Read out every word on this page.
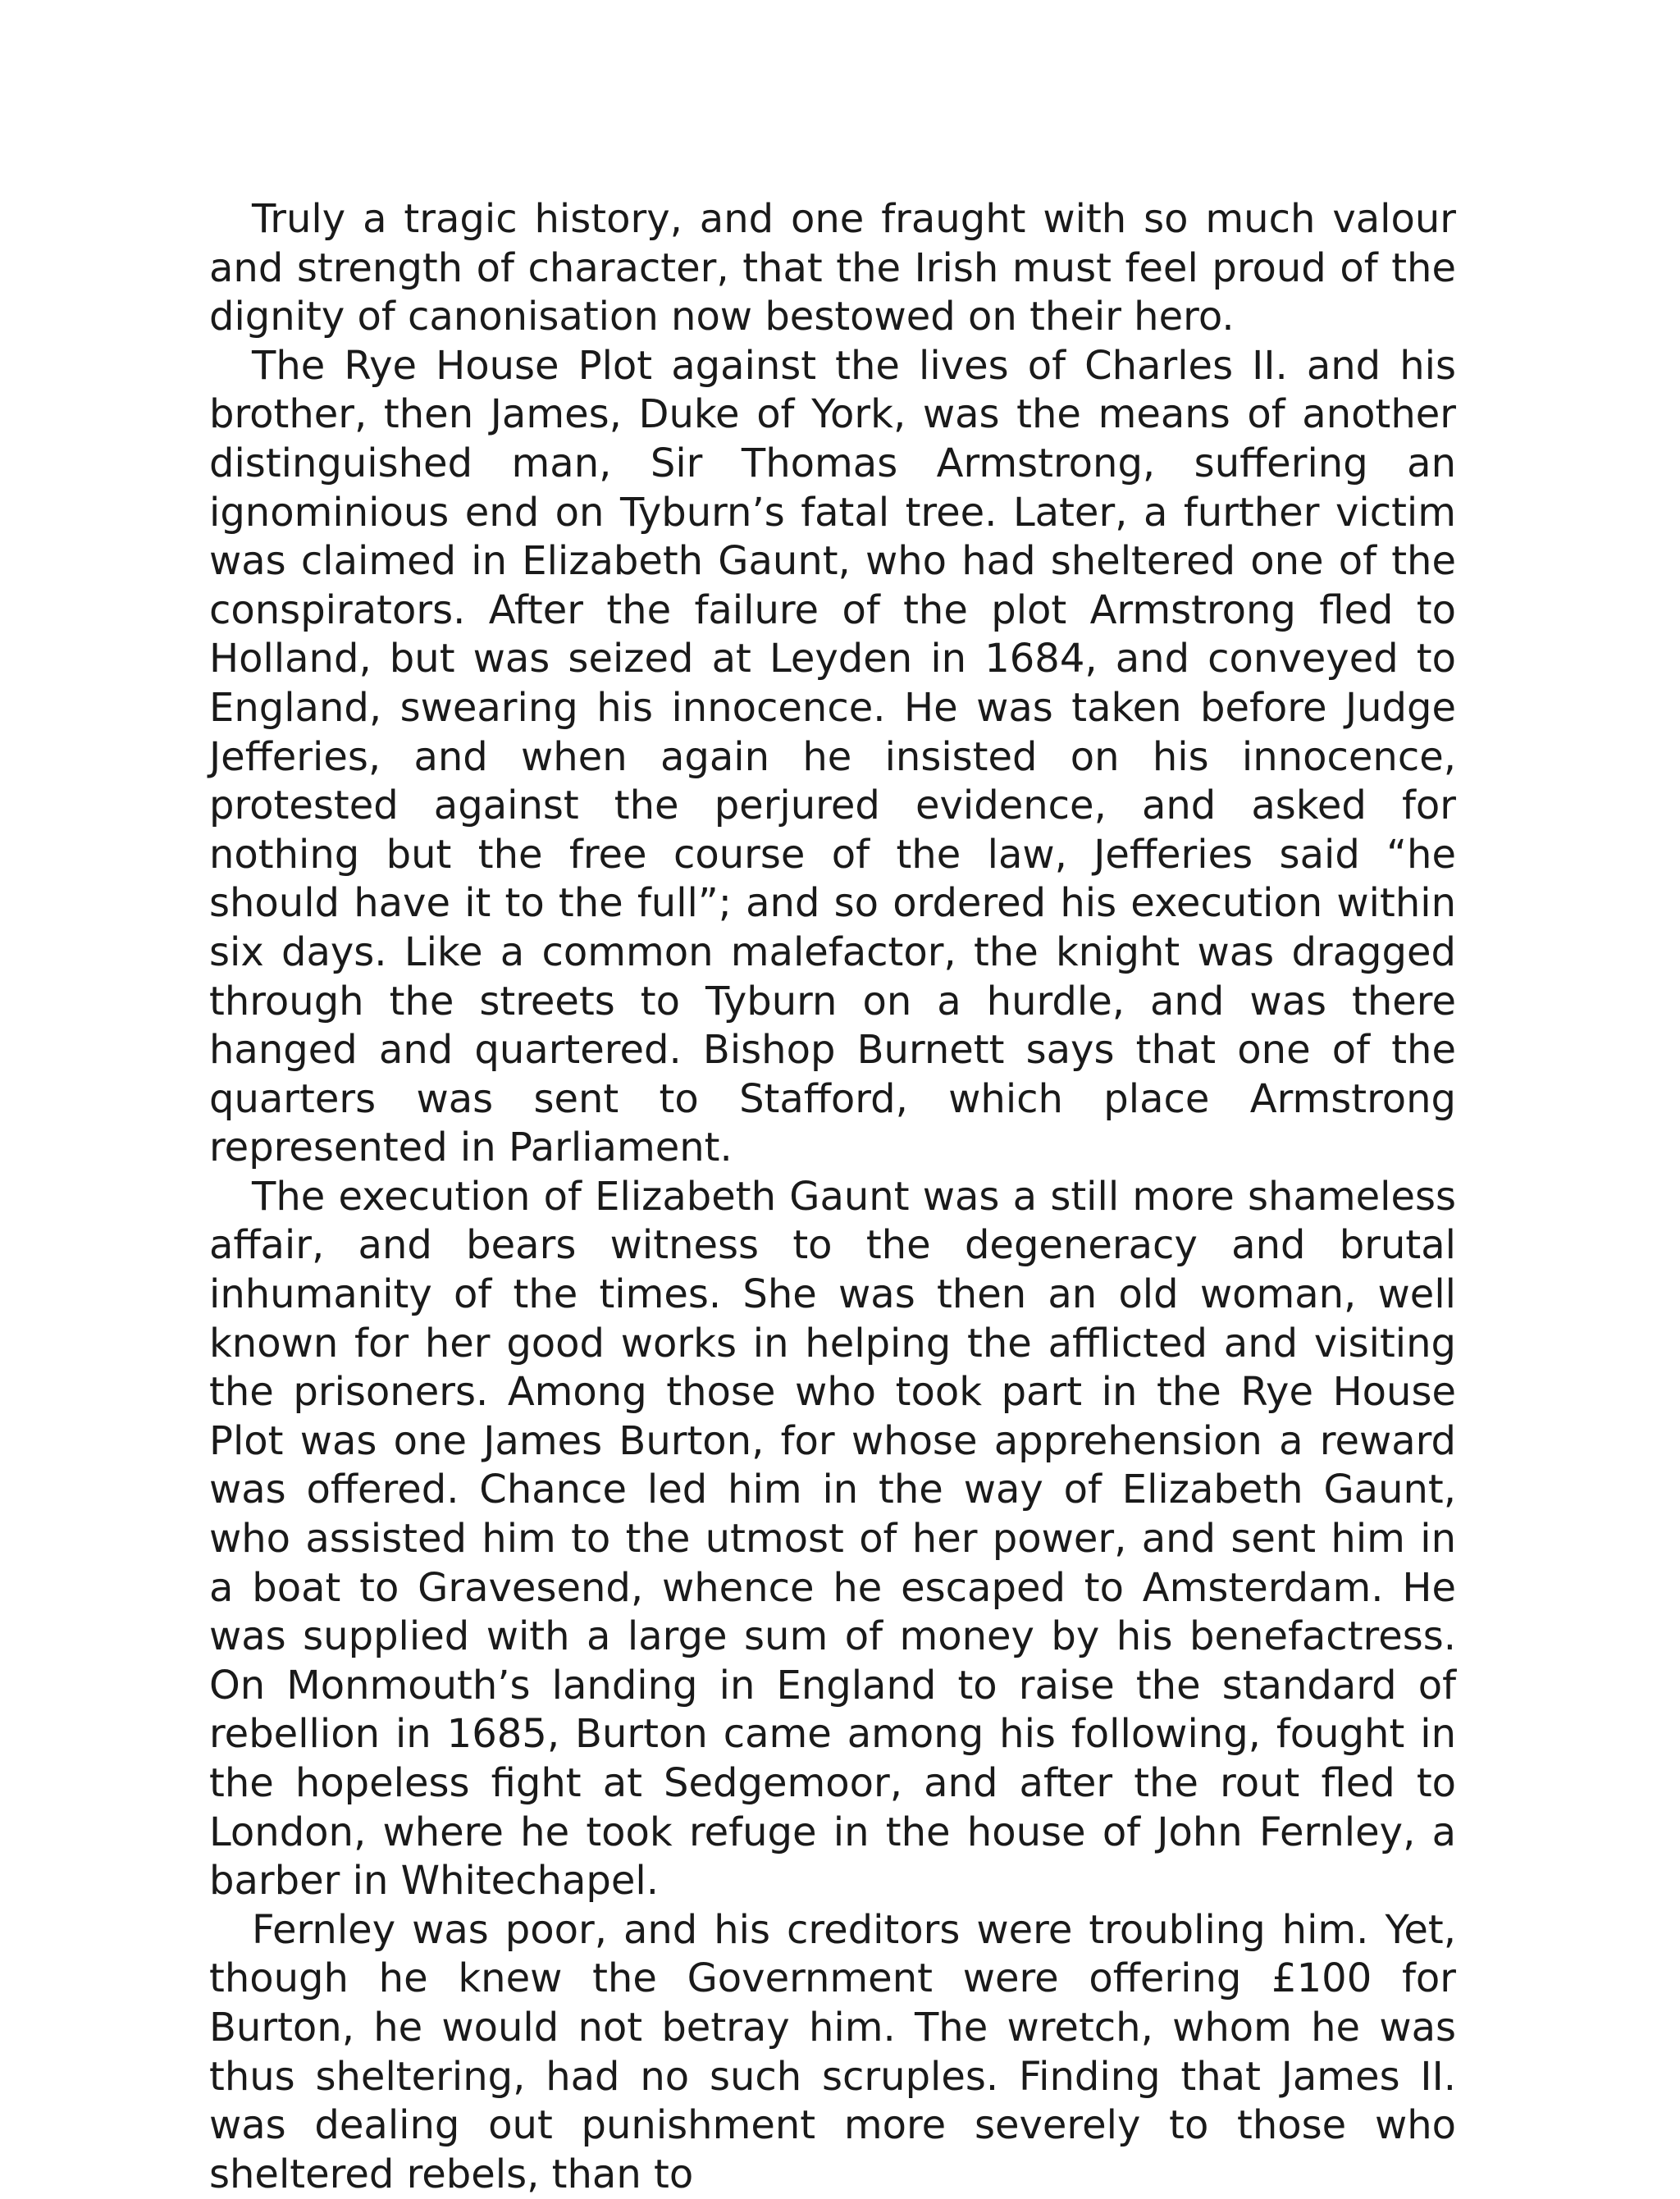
Truly a tragic history, and one fraught with so much valour and strength of character, that the Irish must feel proud of the dignity of canonisation now bestowed on their hero.

The Rye House Plot against the lives of Charles II. and his brother, then James, Duke of York, was the means of another distinguished man, Sir Thomas Armstrong, suffering an ignominious end on Tyburn’s fatal tree. Later, a further victim was claimed in Elizabeth Gaunt, who had sheltered one of the conspirators. After the failure of the plot Armstrong fled to Holland, but was seized at Leyden in 1684, and conveyed to England, swearing his innocence. He was taken before Judge Jefferies, and when again he insisted on his innocence, protested against the perjured evidence, and asked for nothing but the free course of the law, Jefferies said “he should have it to the full”; and so ordered his execution within six days. Like a common malefactor, the knight was dragged through the streets to Tyburn on a hurdle, and was there hanged and quartered. Bishop Burnett says that one of the quarters was sent to Stafford, which place Armstrong represented in Parliament.

The execution of Elizabeth Gaunt was a still more shameless affair, and bears witness to the degeneracy and brutal inhumanity of the times. She was then an old woman, well known for her good works in helping the afflicted and visiting the prisoners. Among those who took part in the Rye House Plot was one James Burton, for whose apprehension a reward was offered. Chance led him in the way of Elizabeth Gaunt, who assisted him to the utmost of her power, and sent him in a boat to Gravesend, whence he escaped to Amsterdam. He was supplied with a large sum of money by his benefactress. On Monmouth’s landing in England to raise the standard of rebellion in 1685, Burton came among his following, fought in the hopeless fight at Sedgemoor, and after the rout fled to London, where he took refuge in the house of John Fernley, a barber in Whitechapel.

Fernley was poor, and his creditors were troubling him. Yet, though he knew the Government were offering £100 for Burton, he would not betray him. The wretch, whom he was thus sheltering, had no such scruples. Finding that James II. was dealing out punishment more severely to those who sheltered rebels, than to
